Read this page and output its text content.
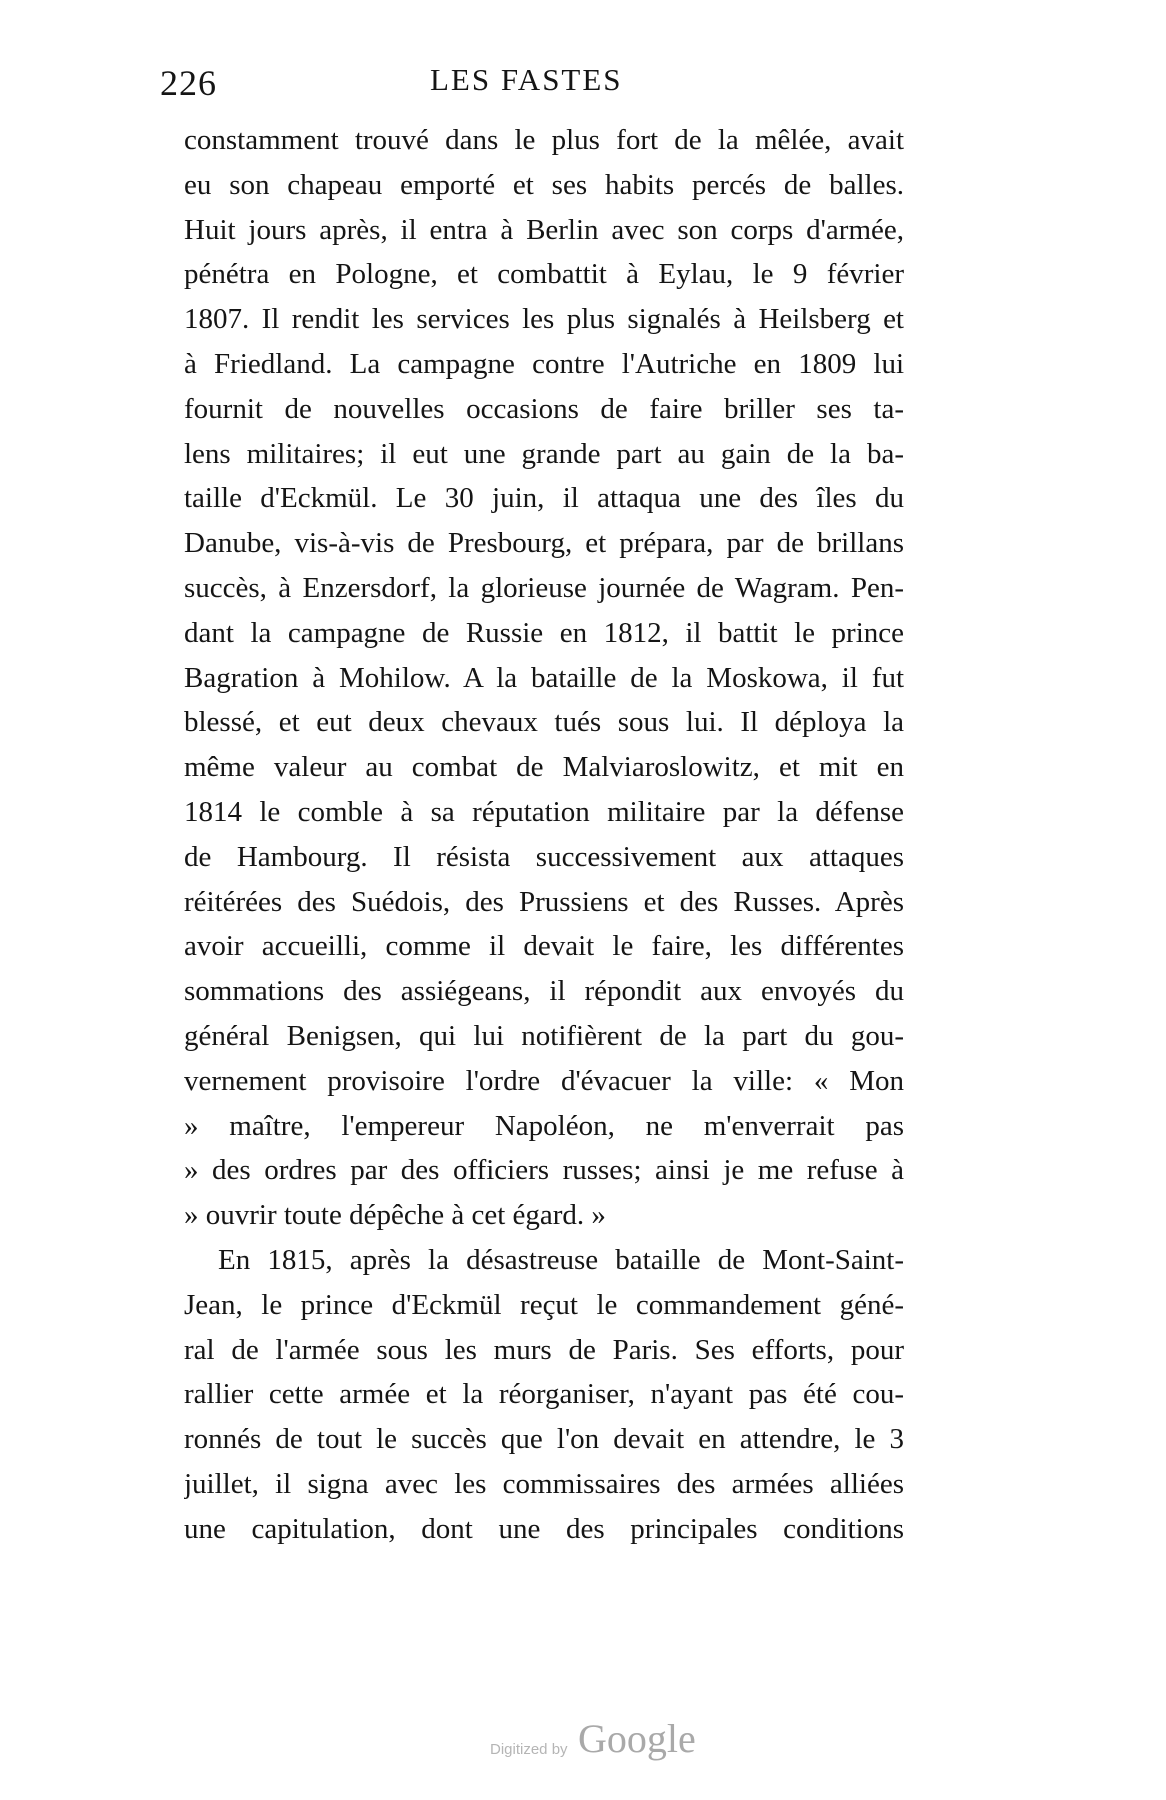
226	LES FASTES
constamment trouvé dans le plus fort de la mêlée, avait
eu son chapeau emporté et ses habits percés de balles.
Huit jours après, il entra à Berlin avec son corps d'armée,
pénétra en Pologne, et combattit à Eylau, le 9 février
1807. Il rendit les services les plus signalés à Heilsberg et
à Friedland. La campagne contre l'Autriche en 1809 lui
fournit de nouvelles occasions de faire briller ses ta-
lens militaires; il eut une grande part au gain de la ba-
taille d'Eckmül. Le 30 juin, il attaqua une des îles du
Danube, vis-à-vis de Presbourg, et prépara, par de brillans
succès, à Enzersdorf, la glorieuse journée de Wagram. Pen-
dant la campagne de Russie en 1812, il battit le prince
Bagration à Mohilow. A la bataille de la Moskowa, il fut
blessé, et eut deux chevaux tués sous lui. Il déploya la
même valeur au combat de Malviaroslowitz, et mit en
1814 le comble à sa réputation militaire par la défense
de Hambourg. Il résista successivement aux attaques
réitérées des Suédois, des Prussiens et des Russes. Après
avoir accueilli, comme il devait le faire, les différentes
sommations des assiégeans, il répondit aux envoyés du
général Benigsen, qui lui notifièrent de la part du gou-
vernement provisoire l'ordre d'évacuer la ville: « Mon
» maître, l'empereur Napoléon, ne m'enverrait pas
» des ordres par des officiers russes; ainsi je me refuse à
» ouvrir toute dépêche à cet égard. »
En 1815, après la désastreuse bataille de Mont-Saint-
Jean, le prince d'Eckmül reçut le commandement géné-
ral de l'armée sous les murs de Paris. Ses efforts, pour
rallier cette armée et la réorganiser, n'ayant pas été cou-
ronnés de tout le succès que l'on devait en attendre, le 3
juillet, il signa avec les commissaires des armées alliées
une capitulation, dont une des principales conditions
Digitized by Google
